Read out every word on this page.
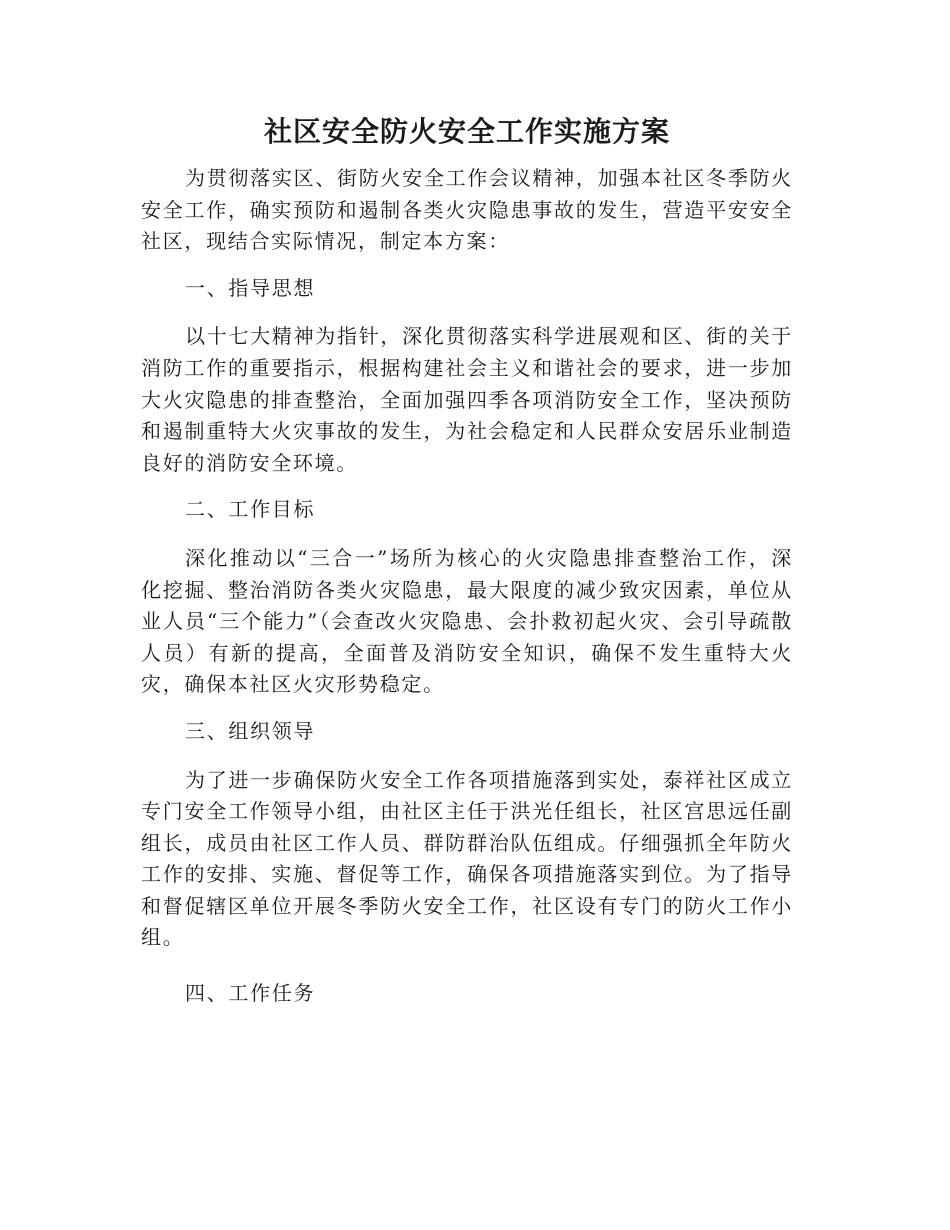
社区安全防火安全工作实施方案

为贯彻落实区、街防火安全工作会议精神，加强本社区冬季防火安全工作，确实预防和遏制各类火灾隐患事故的发生，营造平安安全社区，现结合实际情况，制定本方案：

一、指导思想

以十七大精神为指针，深化贯彻落实科学进展观和区、街的关于消防工作的重要指示，根据构建社会主义和谐社会的要求，进一步加大火灾隐患的排查整治，全面加强四季各项消防安全工作，坚决预防和遏制重特大火灾事故的发生，为社会稳定和人民群众安居乐业制造良好的消防安全环境。

二、工作目标

深化推动以“三合一”场所为核心的火灾隐患排查整治工作，深化挖掘、整治消防各类火灾隐患，最大限度的减少致灾因素，单位从业人员“三个能力”（会查改火灾隐患、会扑救初起火灾、会引导疏散人员）有新的提高，全面普及消防安全知识，确保不发生重特大火灾，确保本社区火灾形势稳定。

三、组织领导

为了进一步确保防火安全工作各项措施落到实处，泰祥社区成立专门安全工作领导小组，由社区主任于洪光任组长，社区宫思远任副组长，成员由社区工作人员、群防群治队伍组成。仔细强抓全年防火工作的安排、实施、督促等工作，确保各项措施落实到位。为了指导和督促辖区单位开展冬季防火安全工作，社区设有专门的防火工作小组。

四、工作任务
